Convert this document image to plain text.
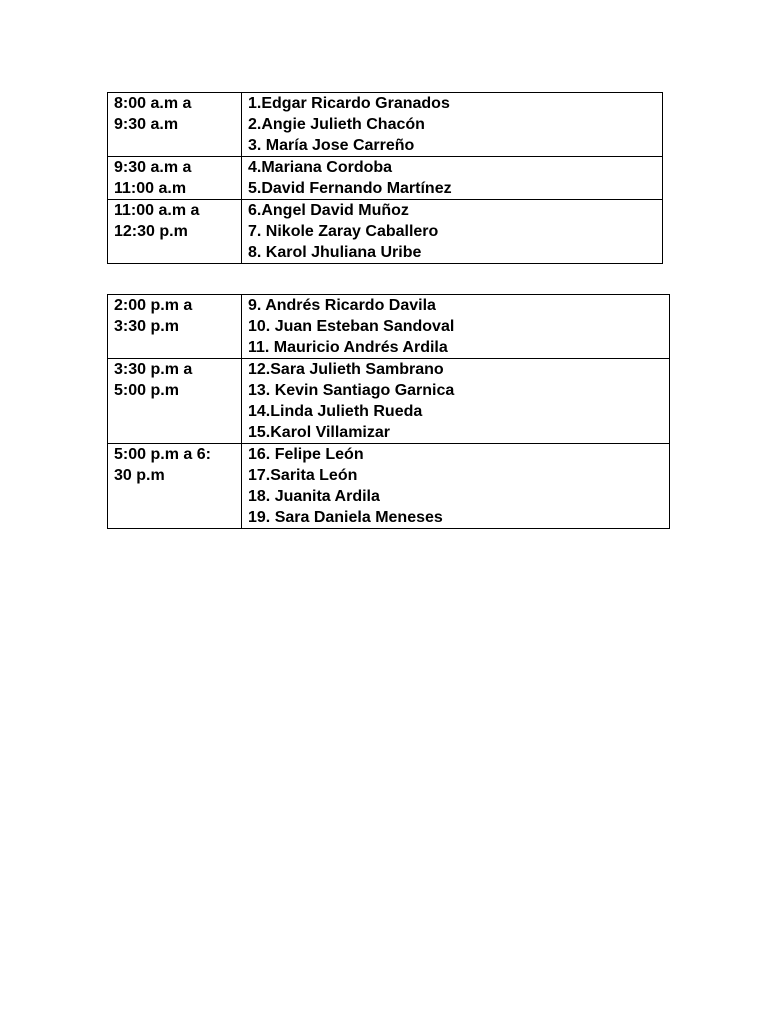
8:00 a.m a
9:30 a.m	1.Edgar Ricardo Granados
2.Angie Julieth Chacón
3. María Jose Carreño

9:30 a.m a
11:00 a.m	4.Mariana Cordoba
5.David Fernando Martínez

11:00 a.m a
12:30 p.m	6.Angel David Muñoz
7. Nikole Zaray Caballero
8. Karol Jhuliana Uribe
2:00 p.m a
3:30 p.m	9. Andrés Ricardo Davila
10. Juan Esteban Sandoval
11. Mauricio Andrés Ardila

3:30 p.m a
5:00 p.m	12.Sara Julieth Sambrano
13. Kevin Santiago Garnica
14.Linda Julieth Rueda
15.Karol Villamizar

5:00 p.m a 6:
30 p.m	16. Felipe León
17.Sarita León
18. Juanita Ardila
19. Sara Daniela Meneses
